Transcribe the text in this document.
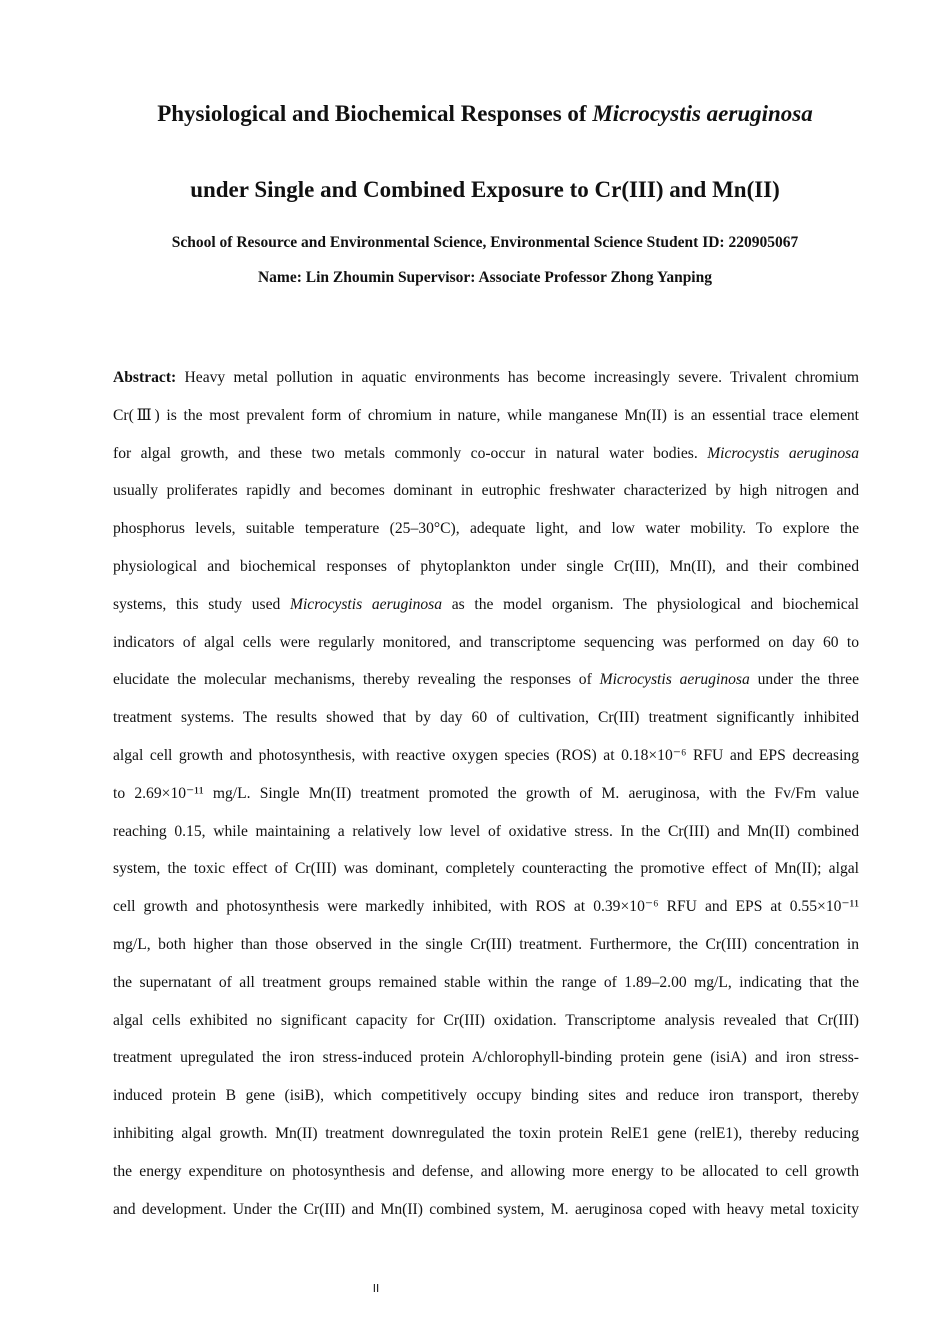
Physiological and Biochemical Responses of Microcystis aeruginosa
under Single and Combined Exposure to Cr(III) and Mn(II)
School of Resource and Environmental Science, Environmental Science Student ID: 220905067
Name: Lin Zhoumin Supervisor: Associate Professor Zhong Yanping
Abstract: Heavy metal pollution in aquatic environments has become increasingly severe. Trivalent chromium
Cr(Ⅲ) is the most prevalent form of chromium in nature, while manganese Mn(II) is an essential trace element
for algal growth, and these two metals commonly co-occur in natural water bodies. Microcystis aeruginosa
usually proliferates rapidly and becomes dominant in eutrophic freshwater characterized by high nitrogen and
phosphorus levels, suitable temperature (25–30°C), adequate light, and low water mobility. To explore the
physiological and biochemical responses of phytoplankton under single Cr(III), Mn(II), and their combined
systems, this study used Microcystis aeruginosa as the model organism. The physiological and biochemical
indicators of algal cells were regularly monitored, and transcriptome sequencing was performed on day 60 to
elucidate the molecular mechanisms, thereby revealing the responses of Microcystis aeruginosa under the three
treatment systems. The results showed that by day 60 of cultivation, Cr(III) treatment significantly inhibited
algal cell growth and photosynthesis, with reactive oxygen species (ROS) at 0.18×10⁻⁶ RFU and EPS decreasing
to 2.69×10⁻¹¹ mg/L. Single Mn(II) treatment promoted the growth of M. aeruginosa, with the Fv/Fm value
reaching 0.15, while maintaining a relatively low level of oxidative stress. In the Cr(III) and Mn(II) combined
system, the toxic effect of Cr(III) was dominant, completely counteracting the promotive effect of Mn(II); algal
cell growth and photosynthesis were markedly inhibited, with ROS at 0.39×10⁻⁶ RFU and EPS at 0.55×10⁻¹¹
mg/L, both higher than those observed in the single Cr(III) treatment. Furthermore, the Cr(III) concentration in
the supernatant of all treatment groups remained stable within the range of 1.89–2.00 mg/L, indicating that the
algal cells exhibited no significant capacity for Cr(III) oxidation. Transcriptome analysis revealed that Cr(III)
treatment upregulated the iron stress-induced protein A/chlorophyll-binding protein gene (isiA) and iron stress-
induced protein B gene (isiB), which competitively occupy binding sites and reduce iron transport, thereby
inhibiting algal growth. Mn(II) treatment downregulated the toxin protein RelE1 gene (relE1), thereby reducing
the energy expenditure on photosynthesis and defense, and allowing more energy to be allocated to cell growth
and development. Under the Cr(III) and Mn(II) combined system, M. aeruginosa coped with heavy metal toxicity
II
